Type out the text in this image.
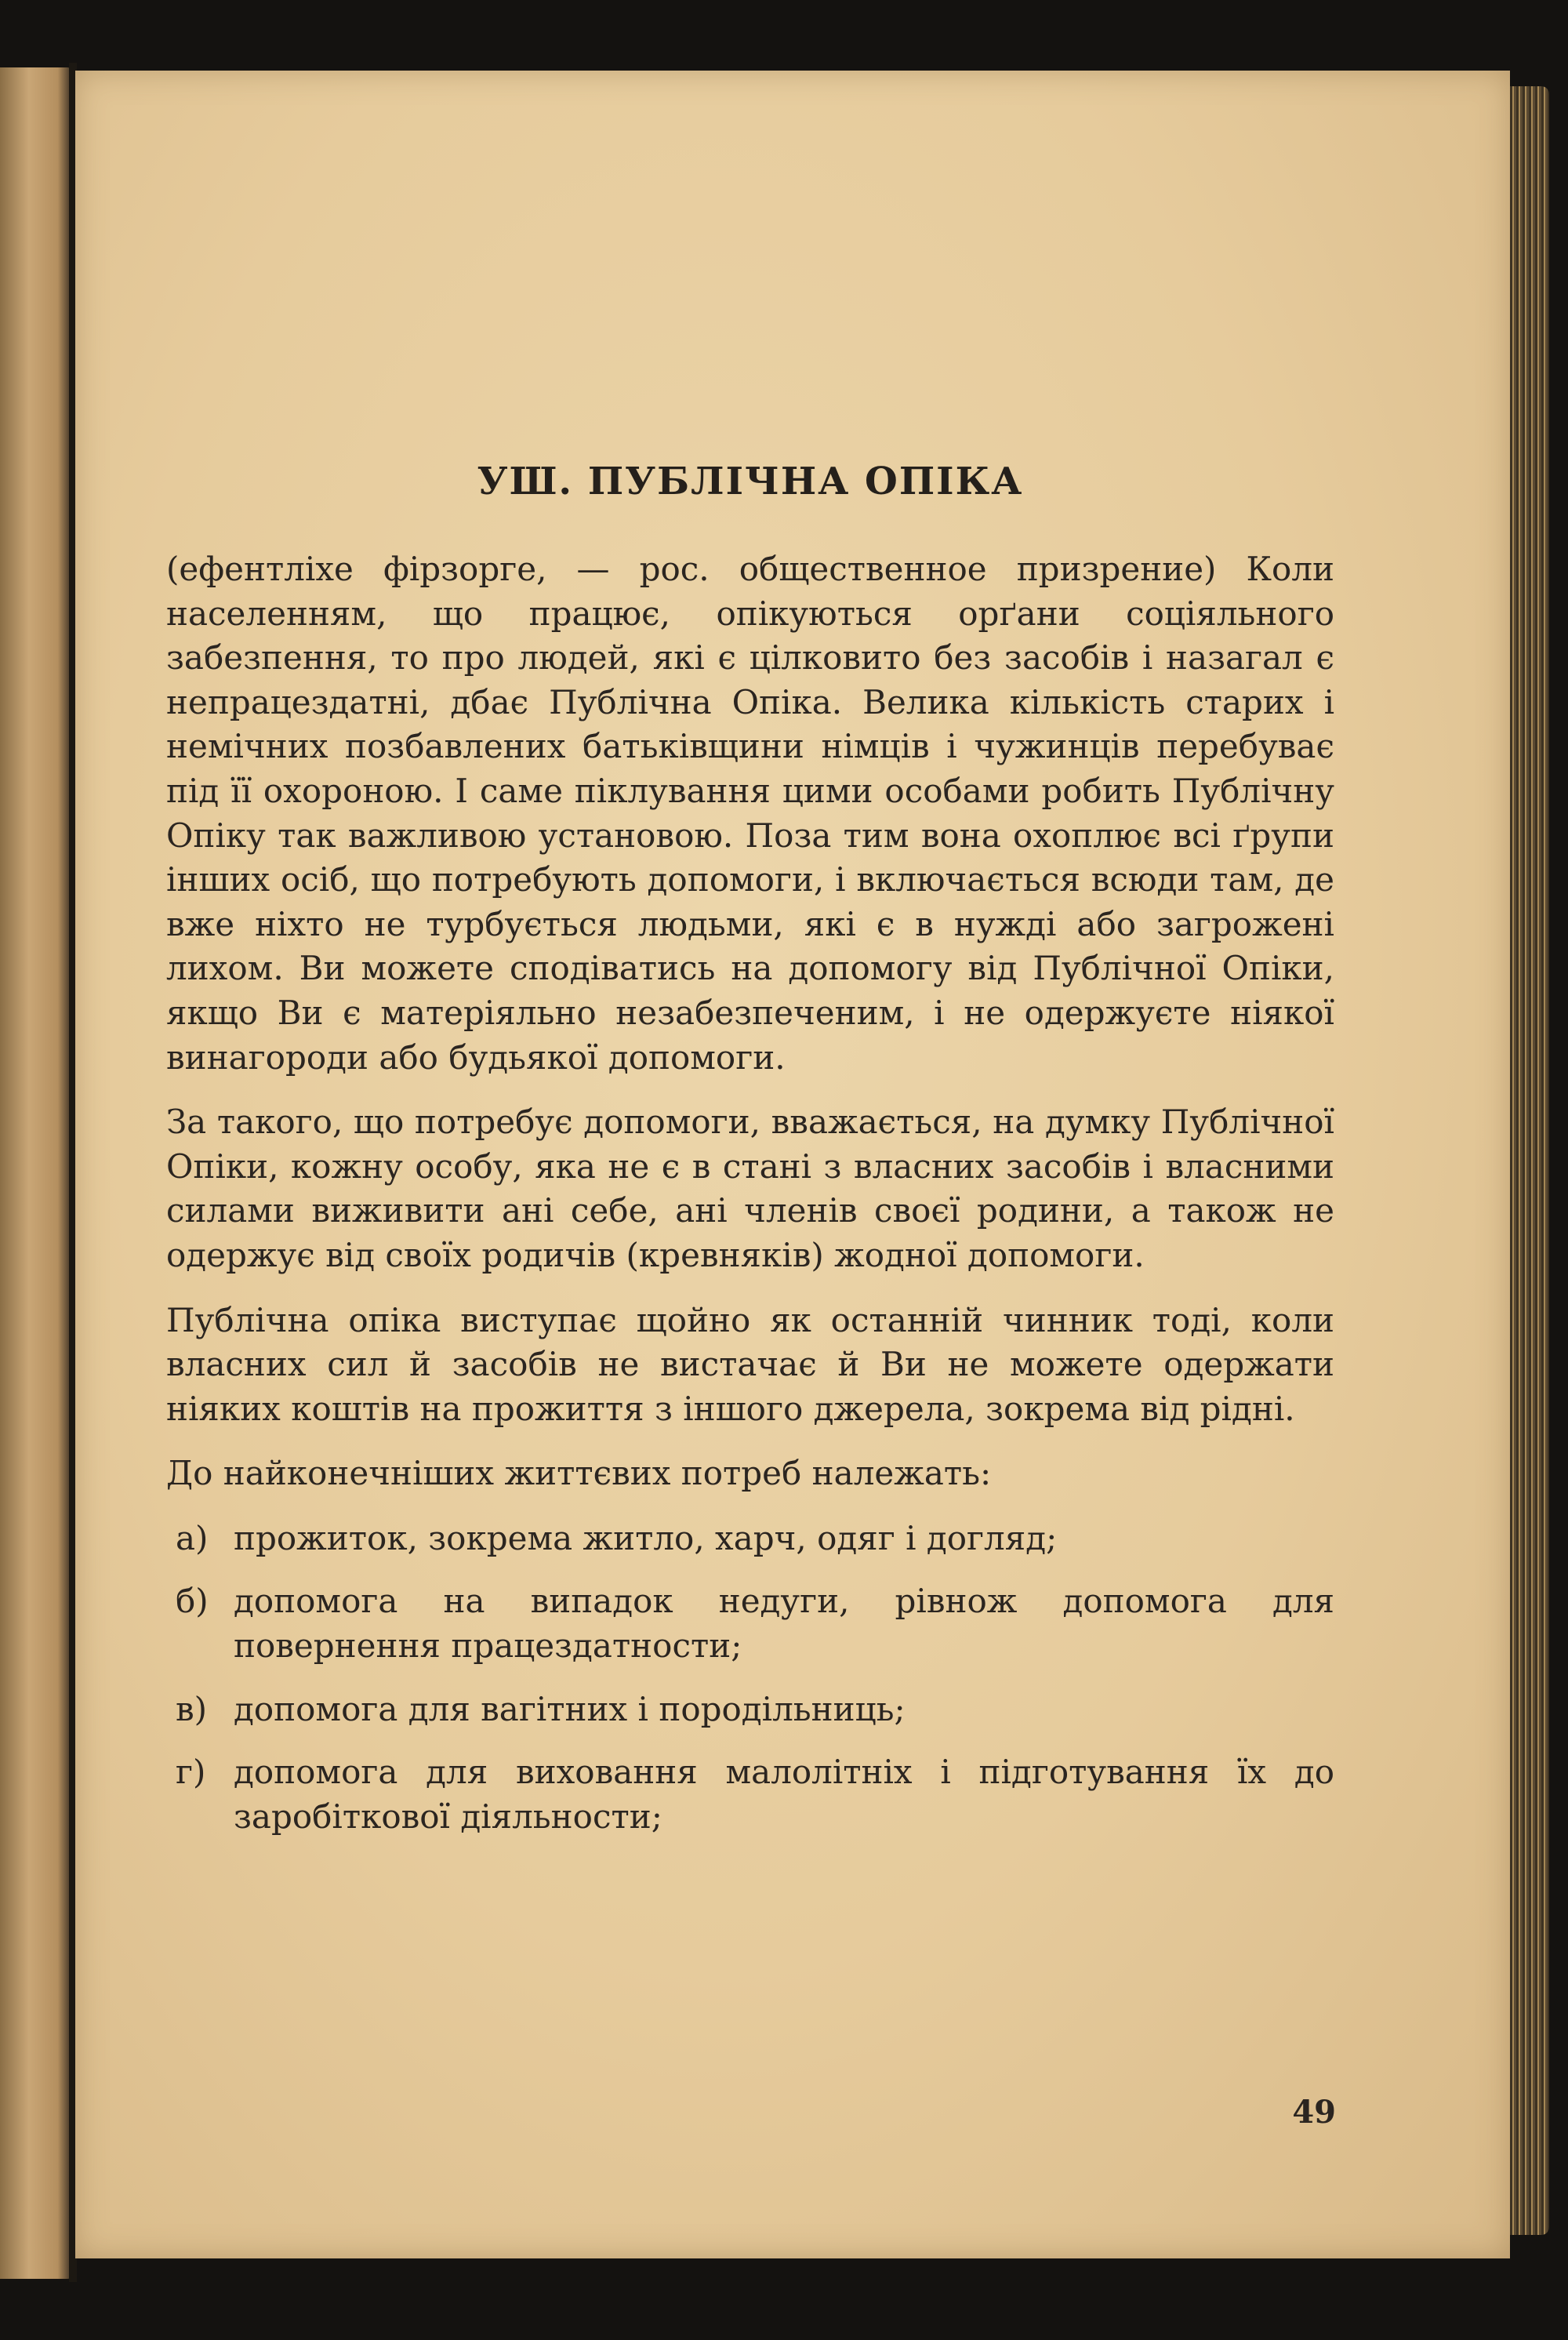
УШ. ПУБЛІЧНА ОПІКА

(ефентліхе фірзорге, — рос. общественное призрение) Коли населенням, що працює, опікуються орґани соціяльного забезпення, то про людей, які є цілковито без засобів і назагал є непрацездатні, дбає Публічна Опіка. Велика кількість старих і немічних позбавлених батьківщини німців і чужинців перебуває під її охороною. І саме піклування цими особами робить Публічну Опіку так важливою установою. Поза тим вона охоплює всі ґрупи інших осіб, що потребують допомоги, і включається всюди там, де вже ніхто не турбується людьми, які є в нужді або загрожені лихом. Ви можете сподіватись на допомогу від Публічної Опіки, якщо Ви є матеріяльно незабезпеченим, і не одержуєте ніякої винагороди або будьякої допомоги.

За такого, що потребує допомоги, вважається, на думку Публічної Опіки, кожну особу, яка не є в стані з власних засобів і власними силами виживити ані себе, ані членів своєї родини, а також не одержує від своїх родичів (кревняків) жодної допомоги.

Публічна опіка виступає щойно як останній чинник тоді, коли власних сил й засобів не вистачає й Ви не можете одержати ніяких коштів на прожиття з іншого джерела, зокрема від рідні.

До найконечніших життєвих потреб належать:

а) прожиток, зокрема житло, харч, одяг і догляд;
б) допомога на випадок недуги, рівнож допомога для повернення працездатности;
в) допомога для вагітних і породільниць;
г) допомога для виховання малолітніх і підготування їх до заробіткової діяльности;
49
